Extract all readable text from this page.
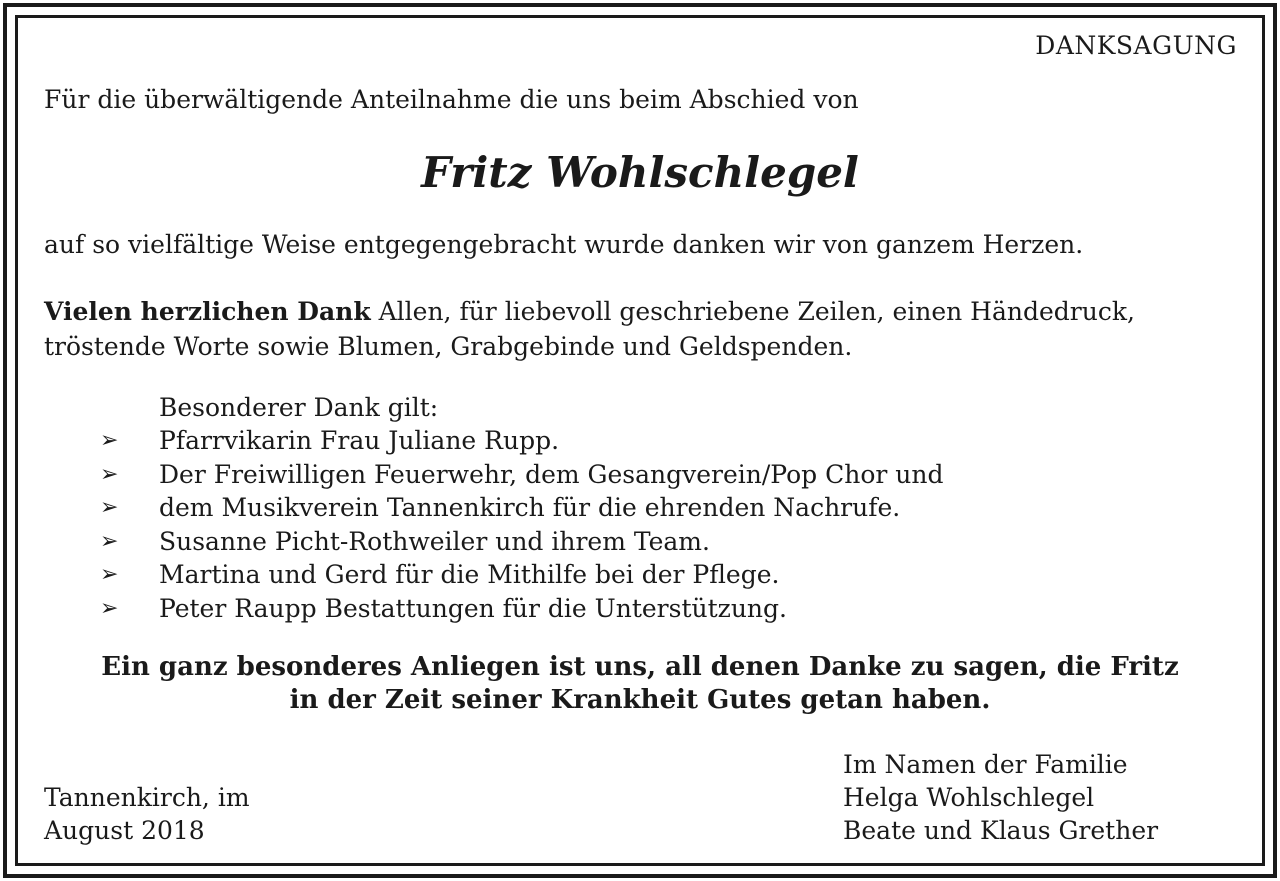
DANKSAGUNG
Für die überwältigende Anteilnahme die uns beim Abschied von
Fritz Wohlschlegel
auf so vielfältige Weise entgegengebracht wurde danken wir von ganzem Herzen.
Vielen herzlichen Dank Allen, für liebevoll geschriebene Zeilen, einen Händedruck,
tröstende Worte sowie Blumen, Grabgebinde und Geldspenden.
Besonderer Dank gilt:
➢ Pfarrvikarin Frau Juliane Rupp.
➢ Der Freiwilligen Feuerwehr, dem Gesangverein/Pop Chor und
➢ dem Musikverein Tannenkirch für die ehrenden Nachrufe.
➢ Susanne Picht-Rothweiler und ihrem Team.
➢ Martina und Gerd für die Mithilfe bei der Pflege.
➢ Peter Raupp Bestattungen für die Unterstützung.
Ein ganz besonderes Anliegen ist uns, all denen Danke zu sagen, die Fritz
in der Zeit seiner Krankheit Gutes getan haben.
Tannenkirch, im
August 2018
Im Namen der Familie
Helga Wohlschlegel
Beate und Klaus Grether
